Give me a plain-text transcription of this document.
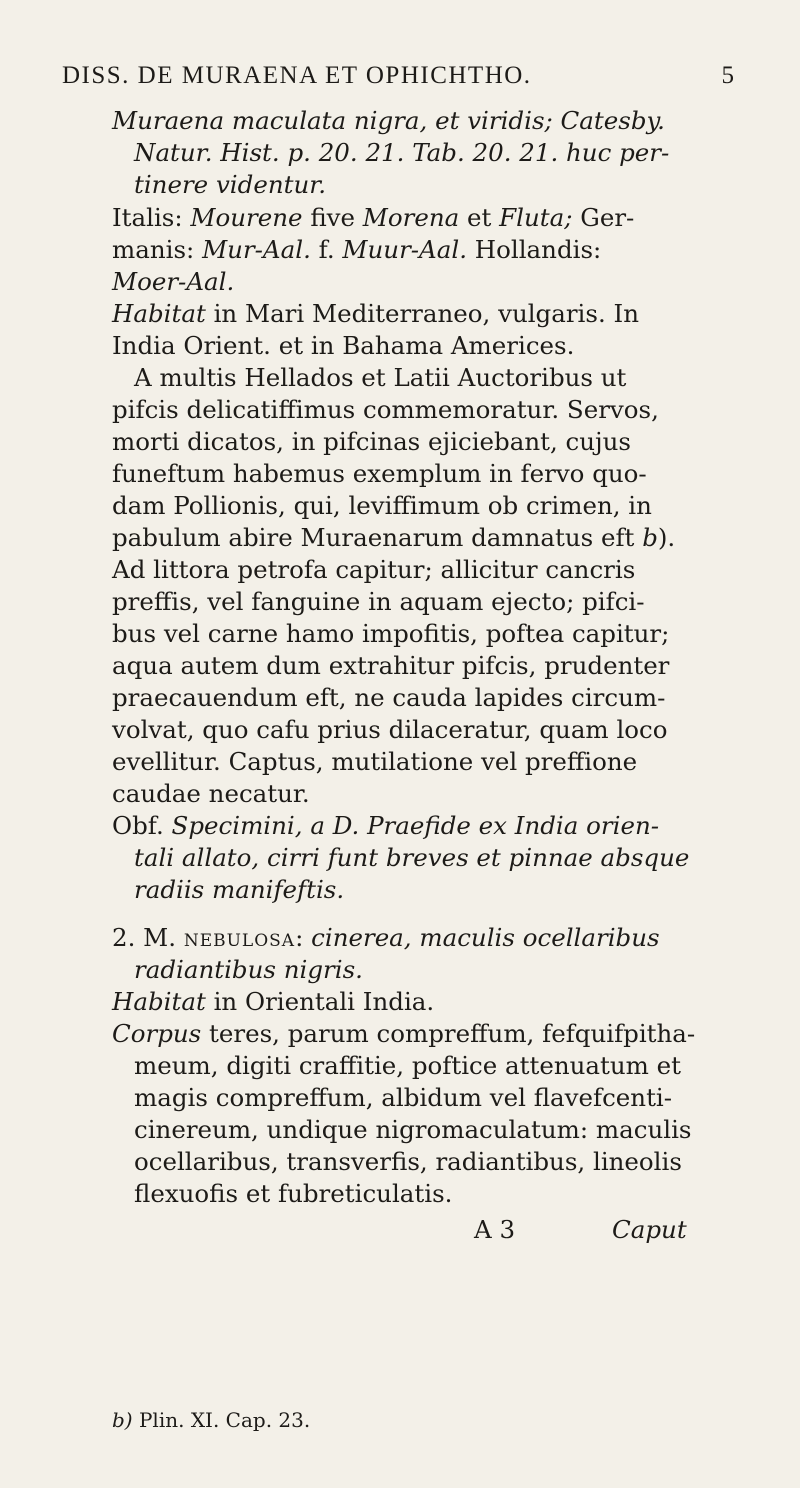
DISS. DE MURAENA ET OPHICHTHO.	5
Muraena maculata nigra, et viridis; Catesby.
Natur. Hist. p. 20. 21. Tab. 20. 21. huc per-
tinere videntur.
Italis: Mourene five Morena et Fluta; Ger-
manis: Mur-Aal. f. Muur-Aal. Hollandis:
Moer-Aal.
Habitat in Mari Mediterraneo, vulgaris. In
India Orient. et in Bahama Americes.
A multis Hellados et Latii Auctoribus ut
pifcis delicatiffimus commemoratur. Servos,
morti dicatos, in pifcinas ejiciebant, cujus
funeftum habemus exemplum in fervo quo-
dam Pollionis, qui, leviffimum ob crimen, in
pabulum abire Muraenarum damnatus eft b).
Ad littora petrofa capitur; allicitur cancris
preffis, vel fanguine in aquam ejecto; pifci-
bus vel carne hamo impofitis, poftea capitur;
aqua autem dum extrahitur pifcis, prudenter
praecauendum eft, ne cauda lapides circum-
volvat, quo cafu prius dilaceratur, quam loco
evellitur. Captus, mutilatione vel preffione
caudae necatur.
Obf. Specimini, a D. Praefide ex India orien-
tali allato, cirri funt breves et pinnae absque
radiis manifeftis.
2. M. nebulosa: cinerea, maculis ocellaribus
radiantibus nigris.
Habitat in Orientali India.
Corpus teres, parum compreffum, fefquifpitha-
meum, digiti craffitie, poftice attenuatum et
magis compreffum, albidum vel flavefcenti-
cinereum, undique nigromaculatum: maculis
ocellaribus, transverfis, radiantibus, lineolis
flexuofis et fubreticulatis.
A 3	Caput
b) Plin. XI. Cap. 23.
